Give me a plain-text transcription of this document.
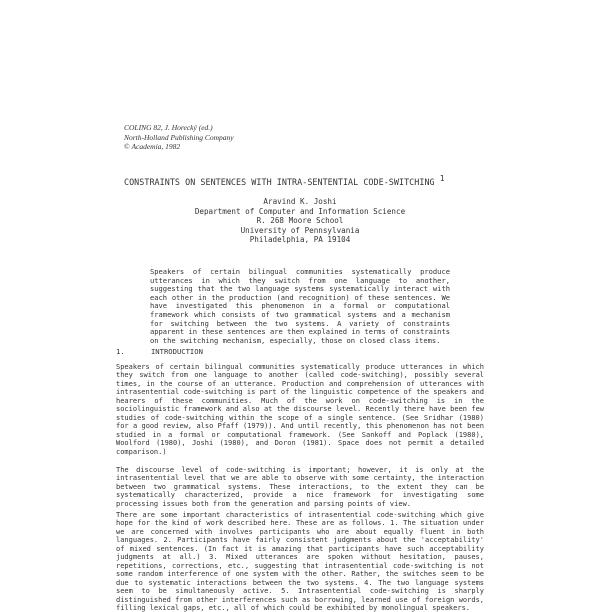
COLING 82, J. Horecký (ed.)
North-Holland Publishing Company
© Academia, 1982
CONSTRAINTS ON SENTENCES WITH INTRA-SENTENTIAL CODE-SWITCHING 1
Aravind K. Joshi
Department of Computer and Information Science
R. 268 Moore School
University of Pennsylvania
Philadelphia, PA 19104
Speakers of certain bilingual communities systematically produce utterances in which they switch from one language to another, suggesting that the two language systems systematically interact with each other in the production (and recognition) of these sentences. We have investigated this phenomenon in a formal or computational framework which consists of two grammatical systems and a mechanism for switching between the two systems. A variety of constraints apparent in these sentences are then explained in terms of constraints on the switching mechanism, especially, those on closed class items.
1.	INTRODUCTION
Speakers of certain bilingual communities systematically produce utterances in which they switch from one language to another (called code-switching), possibly several times, in the course of an utterance. Production and comprehension of utterances with intrasentential code-switching is part of the linguistic competence of the speakers and hearers of these communities. Much of the work on code-switching is in the sociolinguistic framework and also at the discourse level. Recently there have been few studies of code-switching within the scope of a single sentence. (See Sridhar (1980) for a good review, also Pfaff (1979)). And until recently, this phenomenon has not been studied in a formal or computational framework. (See Sankoff and Poplack (1980), Woolford (1980), Joshi (1980), and Doron (1981). Space does not permit a detailed comparison.)
The discourse level of code-switching is important; however, it is only at the intrasentential level that we are able to observe with some certainty, the interaction between two grammatical systems. These interactions, to the extent they can be systematically characterized, provide a nice framework for investigating some processing issues both from the generation and parsing points of view.
There are some important characteristics of intrasentential code-switching which give hope for the kind of work described here. These are as follows. 1. The situation under we are concerned with involves participants who are about equally fluent in both languages. 2. Participants have fairly consistent judgments about the 'acceptability' of mixed sentences. (In fact it is amazing that participants have such acceptability judgments at all.) 3. Mixed utterances are spoken without hesitation, pauses, repetitions, corrections, etc., suggesting that intrasentential code-switching is not some random interference of one system with the other. Rather, the switches seem to be due to systematic interactions between the two systems. 4. The two language systems seem to be simultaneously active. 5. Intrasentential code-switching is sharply distinguished from other interferences such as borrowing, learned use of foreign words, filling lexical gaps, etc., all of which could be exhibited by monolingual speakers.
